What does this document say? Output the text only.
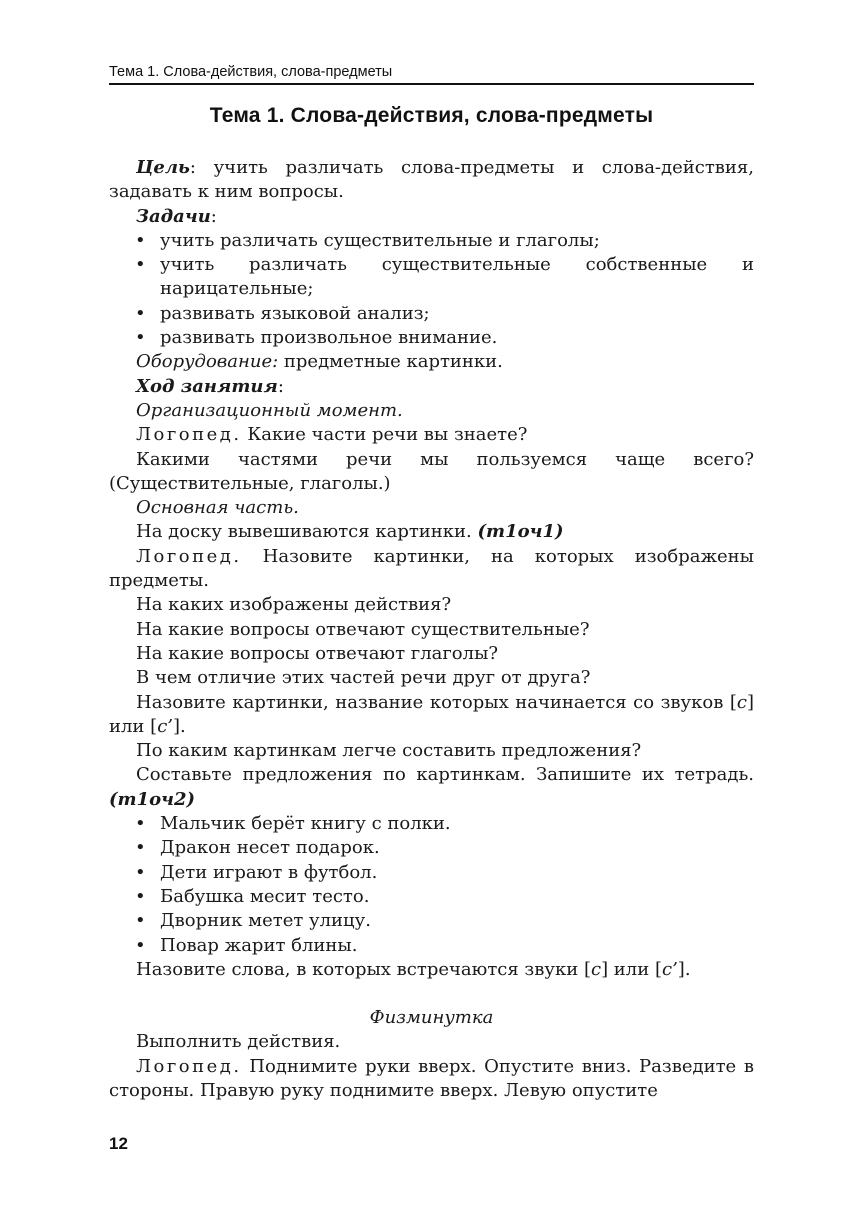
Тема 1. Слова-действия, слова-предметы
Тема 1. Слова-действия, слова-предметы

Цель: учить различать слова-предметы и слова-действия, задавать к ним вопросы.

Задачи:

• учить различать существительные и глаголы;

• учить различать существительные собственные и нарицательные;

• развивать языковой анализ;

• развивать произвольное внимание.

Оборудование: предметные картинки.

Ход занятия:

Организационный момент.

Логопед. Какие части речи вы знаете?

Какими частями речи мы пользуемся чаще всего? (Существительные, глаголы.)

Основная часть.

На доску вывешиваются картинки. (т1оч1)

Логопед. Назовите картинки, на которых изображены предметы.

На каких изображены действия?

На какие вопросы отвечают существительные?

На какие вопросы отвечают глаголы?

В чем отличие этих частей речи друг от друга?

Назовите картинки, название которых начинается со звуков [с] или [с’].

По каким картинкам легче составить предложения?

Составьте предложения по картинкам. Запишите их тетрадь. (т1оч2)

• Мальчик берёт книгу с полки.

• Дракон несет подарок.

• Дети играют в футбол.

• Бабушка месит тесто.

• Дворник метет улицу.

• Повар жарит блины.

Назовите слова, в которых встречаются звуки [с] или [с’].

Физминутка

Выполнить действия.

Логопед. Поднимите руки вверх. Опустите вниз. Разведите в стороны. Правую руку поднимите вверх. Левую опустите

12
